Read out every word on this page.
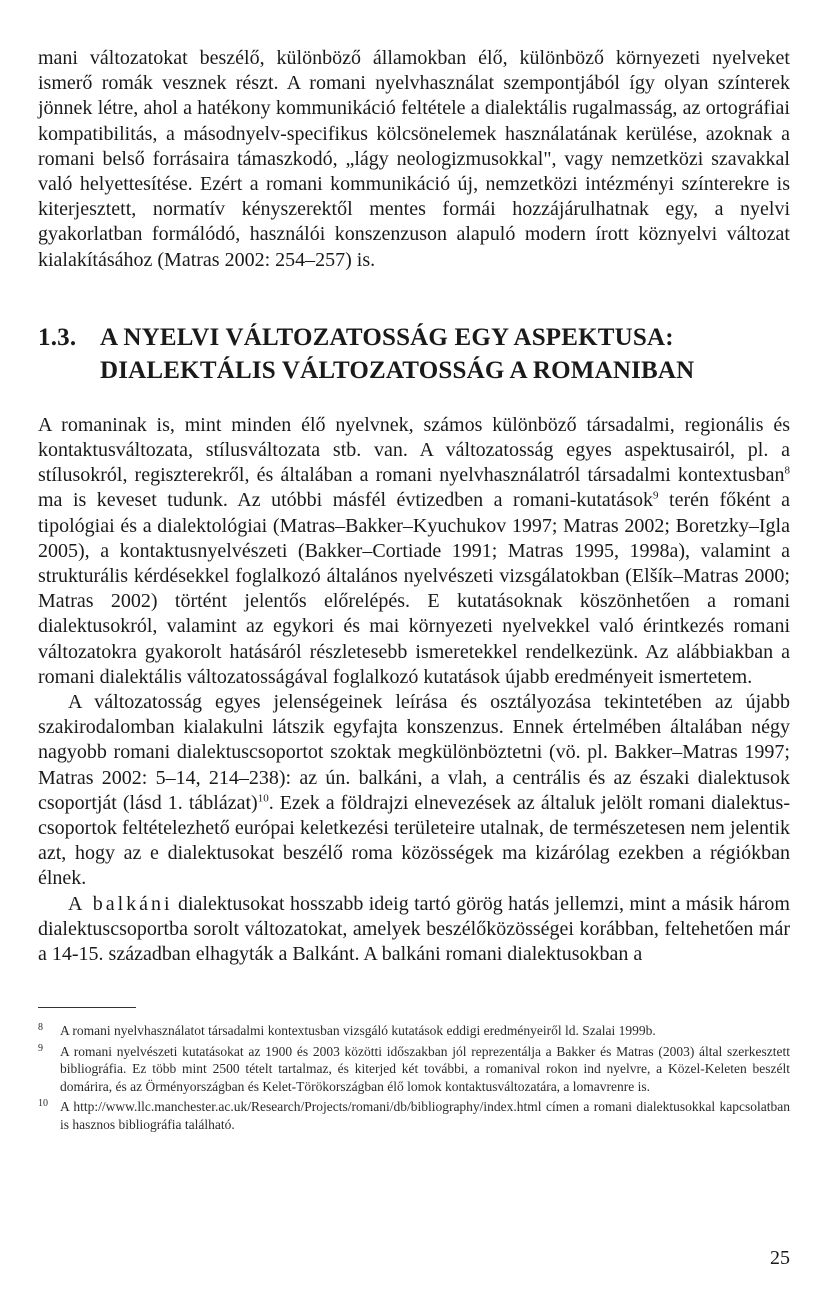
mani változatokat beszélő, különböző államokban élő, különböző környezeti nyelveket ismerő romák vesznek részt. A romani nyelvhasználat szempontjából így olyan színterek jönnek létre, ahol a hatékony kommunikáció feltétele a dialektális rugalmasság, az ortográfiai kompatibilitás, a másodnyelv-specifikus kölcsönelemek használatának kerülése, azoknak a romani belső forrásaira támaszkodó, „lágy neologizmusokkal", vagy nemzetközi szavakkal való helyettesítése. Ezért a romani kommunikáció új, nemzetközi intézményi színterekre is kiterjesztett, normatív kényszerektől mentes formái hozzájárulhatnak egy, a nyelvi gyakorlatban formálódó, használói konszenzuson alapuló modern írott köznyelvi változat kialakításához (Matras 2002: 254–257) is.

1.3. A NYELVI VÁLTOZATOSSÁG EGY ASPEKTUSA:
DIALEKTÁLIS VÁLTOZATOSSÁG A ROMANIBAN

A romaninak is, mint minden élő nyelvnek, számos különböző társadalmi, regionális és kontaktusváltozata, stílusváltozata stb. van. A változatosság egyes aspektusairól, pl. a stílusokról, regiszterekről, és általában a romani nyelvhasználatról társadalmi kontextusban$^8$ ma is keveset tudunk. Az utóbbi másfél évtizedben a romani-kutatások$^9$ terén főként a tipológiai és a dialektológiai (Matras–Bakker–Kyuchukov 1997; Matras 2002; Boretzky–Igla 2005), a kontaktusnyelvészeti (Bakker–Cortiade 1991; Matras 1995, 1998a), valamint a strukturális kérdésekkel foglalkozó általános nyelvészeti vizsgálatokban (Elšík–Matras 2000; Matras 2002) történt jelentős előrelépés. E kutatásoknak köszönhetően a romani dialektusokról, valamint az egykori és mai környezeti nyelvekkel való érintkezés romani változatokra gyakorolt hatásáról részletesebb ismeretekkel rendelkezünk. Az alábbiakban a romani dialektális változatosságával foglalkozó kutatások újabb eredményeit ismertetem.

A változatosság egyes jelenségeinek leírása és osztályozása tekintetében az újabb szakirodalomban kialakulni látszik egyfajta konszenzus. Ennek értelmében általában négy nagyobb romani dialektuscsoportot szoktak megkülönböztetni (vö. pl. Bakker–Matras 1997; Matras 2002: 5–14, 214–238): az ún. balkáni, a vlah, a centrális és az északi dialektusok csoportját (lásd 1. táblázat)$^{10}$. Ezek a földrajzi elnevezések az általuk jelölt romani dialektus-csoportok feltételezhető európai keletkezési területeire utalnak, de természetesen nem jelentik azt, hogy az e dialektusokat beszélő roma közösségek ma kizárólag ezekben a régiókban élnek.

A balkáni dialektusokat hosszabb ideig tartó görög hatás jellemzi, mint a másik három dialektuscsoportba sorolt változatokat, amelyek beszélőközösségei korábban, feltehetően már a 14-15. században elhagyták a Balkánt. A balkáni romani dialektusokban a

8	A romani nyelvhasználatot társadalmi kontextusban vizsgáló kutatások eddigi eredményeiről ld. Szalai 1999b.
9	A romani nyelvészeti kutatásokat az 1900 és 2003 közötti időszakban jól reprezentálja a Bakker és Matras (2003) által szerkesztett bibliográfia. Ez több mint 2500 tételt tartalmaz, és kiterjed két további, a romanival rokon ind nyelvre, a Közel-Keleten beszélt domárira, és az Örményországban és Kelet-Törökországban élő lomok kontaktusváltozatára, a lomavrenre is.
10 A http://www.llc.manchester.ac.uk/Research/Projects/romani/db/bibliography/index.html címen a romani dialektusokkal kapcsolatban is hasznos bibliográfia található.
25
